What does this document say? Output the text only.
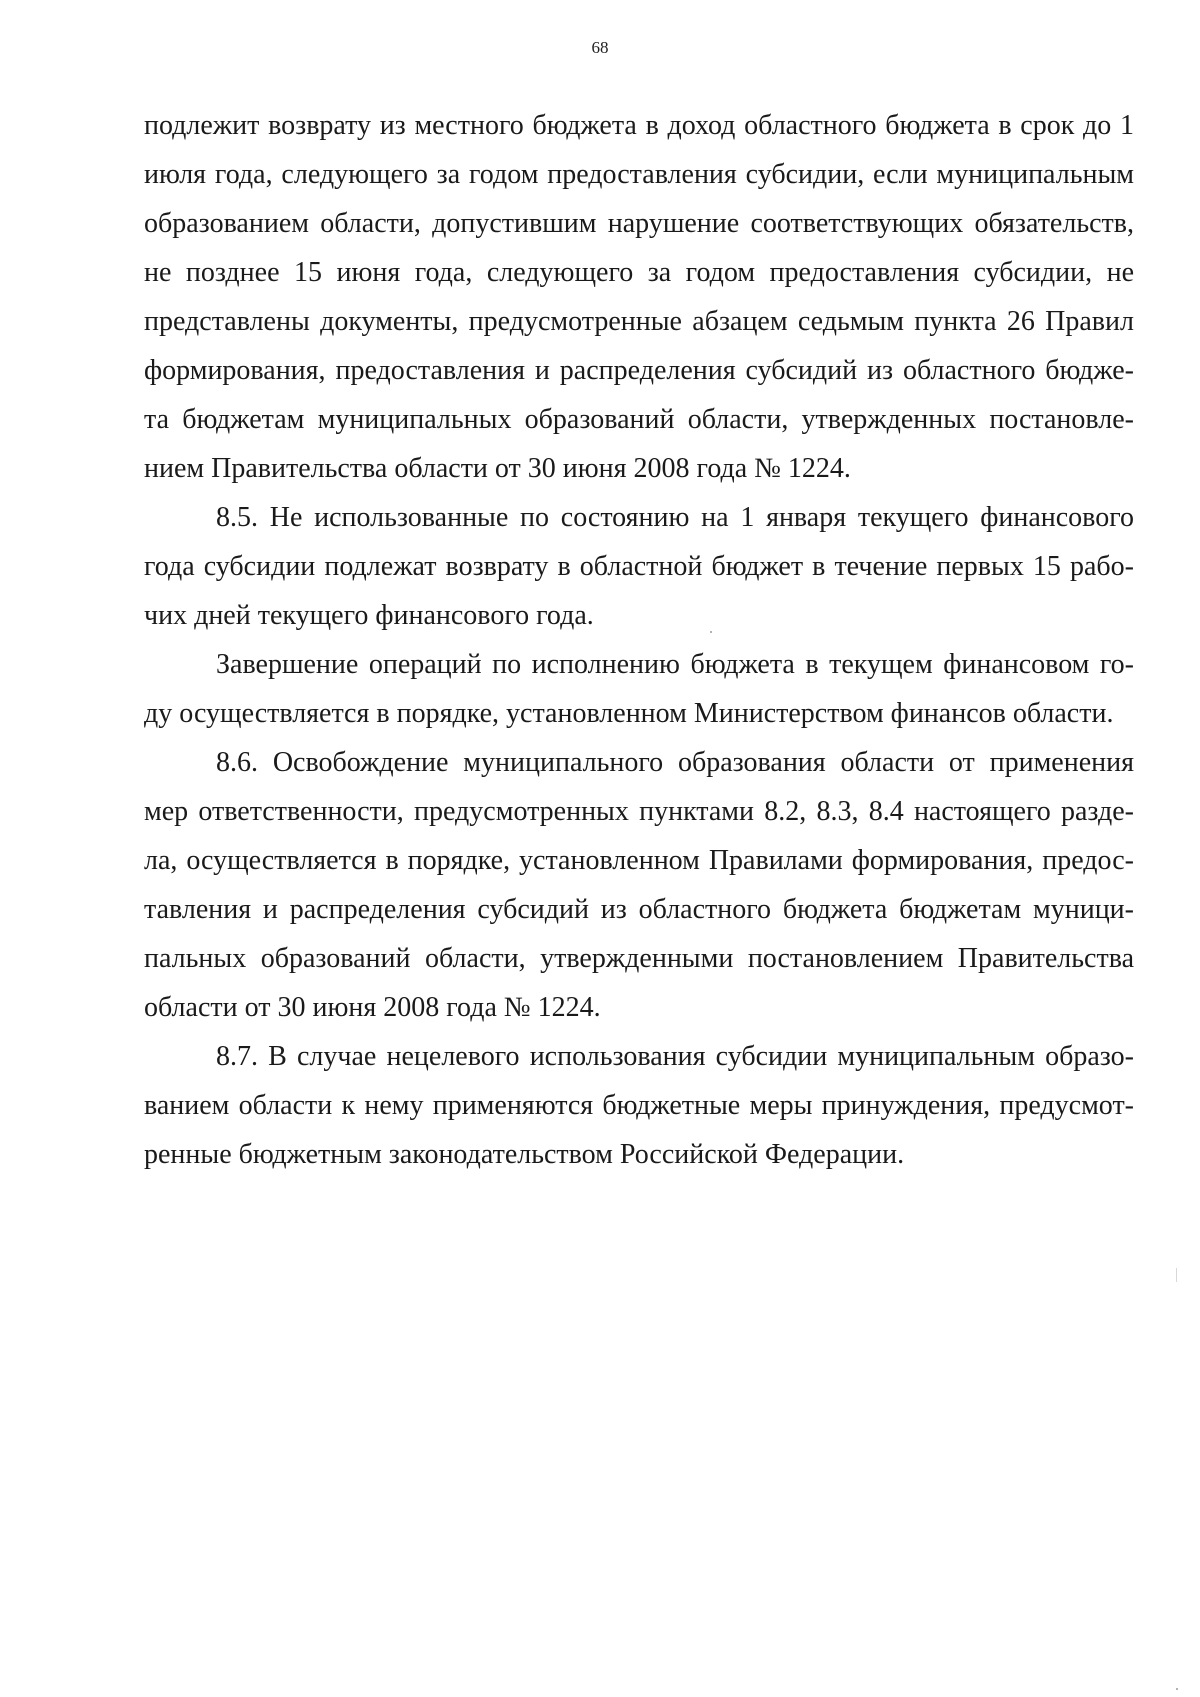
68
подлежит возврату из местного бюджета в доход областного бюджета в срок до 1
июля года, следующего за годом предоставления субсидии, если муниципальным
образованием области, допустившим нарушение соответствующих обязательств,
не позднее 15 июня года, следующего за годом предоставления субсидии, не
представлены документы, предусмотренные абзацем седьмым пункта 26 Правил
формирования, предоставления и распределения субсидий из областного бюдже-
та бюджетам муниципальных образований области, утвержденных постановле-
нием Правительства области от 30 июня 2008 года № 1224.
8.5. Не использованные по состоянию на 1 января текущего финансового
года субсидии подлежат возврату в областной бюджет в течение первых 15 рабо-
чих дней текущего финансового года.
Завершение операций по исполнению бюджета в текущем финансовом го-
ду осуществляется в порядке, установленном Министерством финансов области.
8.6. Освобождение муниципального образования области от применения
мер ответственности, предусмотренных пунктами 8.2, 8.3, 8.4 настоящего разде-
ла, осуществляется в порядке, установленном Правилами формирования, предос-
тавления и распределения субсидий из областного бюджета бюджетам муници-
пальных образований области, утвержденными постановлением Правительства
области от 30 июня 2008 года № 1224.
8.7. В случае нецелевого использования субсидии муниципальным образо-
ванием области к нему применяются бюджетные меры принуждения, предусмот-
ренные бюджетным законодательством Российской Федерации.
